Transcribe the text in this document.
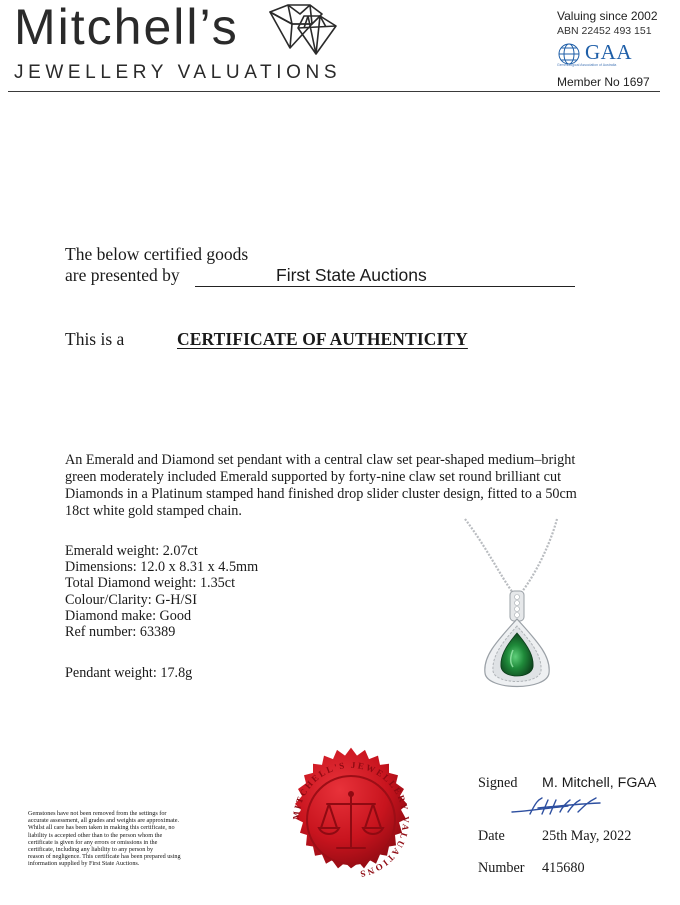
Mitchell’s
JEWELLERY VALUATIONS
Valuing since 2002
ABN 22452 493 151
GAA
Gemmological Association of Australia
Member No 1697
The below certified goods
are presented by	First State Auctions
This is a	CERTIFICATE OF AUTHENTICITY
An Emerald and Diamond set pendant with a central claw set pear-shaped medium–bright
green moderately included Emerald supported by forty-nine claw set round brilliant cut
Diamonds in a Platinum stamped hand finished drop slider cluster design, fitted to a 50cm
18ct white gold stamped chain.
Emerald weight: 2.07ct
Dimensions: 12.0 x 8.31 x 4.5mm
Total Diamond weight: 1.35ct
Colour/Clarity: G-H/SI
Diamond make: Good
Ref number: 63389
Pendant weight: 17.8g
MITCHELL'S JEWELLERY VALUATIONS
Gemstones have not been removed from the settings for
accurate assessment, all grades and weights are approximate.
Whilst all care has been taken in making this certificate, no
liability is accepted other than to the person whom the
certificate is given for any errors or omissions in the
certificate, including any liability to any person by
reason of negligence. This certificate has been prepared using
information supplied by First State Auctions.
Signed M. Mitchell, FGAA
Date	25th May, 2022
Number 415680
